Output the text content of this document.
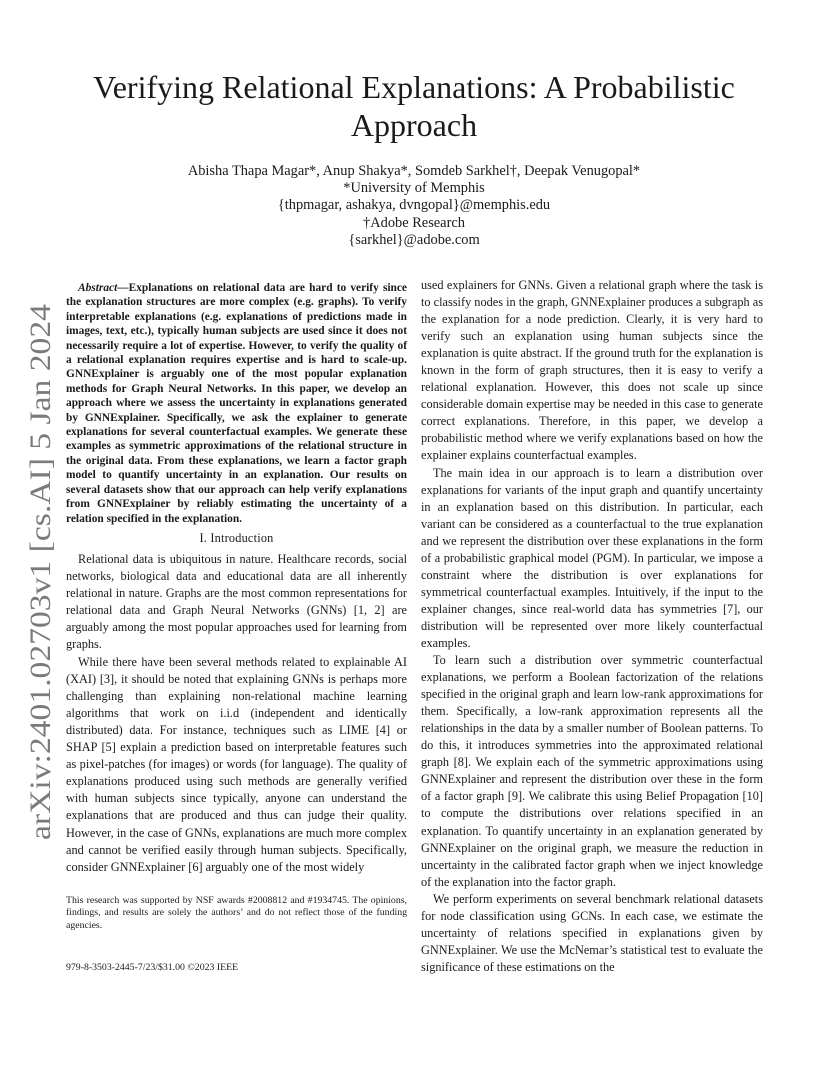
arXiv:2401.02703v1 [cs.AI] 5 Jan 2024
Verifying Relational Explanations: A Probabilistic Approach
Abisha Thapa Magar*, Anup Shakya*, Somdeb Sarkhel†, Deepak Venugopal*
*University of Memphis
{thpmagar, ashakya, dvngopal}@memphis.edu
†Adobe Research
{sarkhel}@adobe.com

Abstract—Explanations on relational data are hard to verify since the explanation structures are more complex (e.g. graphs). To verify interpretable explanations (e.g. explanations of predictions made in images, text, etc.), typically human subjects are used since it does not necessarily require a lot of expertise. However, to verify the quality of a relational explanation requires expertise and is hard to scale-up. GNNExplainer is arguably one of the most popular explanation methods for Graph Neural Networks. In this paper, we develop an approach where we assess the uncertainty in explanations generated by GNNExplainer. Specifically, we ask the explainer to generate explanations for several counterfactual examples. We generate these examples as symmetric approximations of the relational structure in the original data. From these explanations, we learn a factor graph model to quantify uncertainty in an explanation. Our results on several datasets show that our approach can help verify explanations from GNNExplainer by reliably estimating the uncertainty of a relation specified in the explanation.

I. Introduction

Relational data is ubiquitous in nature. Healthcare records, social networks, biological data and educational data are all inherently relational in nature. Graphs are the most common representations for relational data and Graph Neural Networks (GNNs) [1, 2] are arguably among the most popular approaches used for learning from graphs.

While there have been several methods related to explainable AI (XAI) [3], it should be noted that explaining GNNs is perhaps more challenging than explaining non-relational machine learning algorithms that work on i.i.d (independent and identically distributed) data. For instance, techniques such as LIME [4] or SHAP [5] explain a prediction based on interpretable features such as pixel-patches (for images) or words (for language). The quality of explanations produced using such methods are generally verified with human subjects since typically, anyone can understand the explanations that are produced and thus can judge their quality. However, in the case of GNNs, explanations are much more complex and cannot be verified easily through human subjects. Specifically, consider GNNExplainer [6] arguably one of the most widely

used explainers for GNNs. Given a relational graph where the task is to classify nodes in the graph, GNNExplainer produces a subgraph as the explanation for a node prediction. Clearly, it is very hard to verify such an explanation using human subjects since the explanation is quite abstract. If the ground truth for the explanation is known in the form of graph structures, then it is easy to verify a relational explanation. However, this does not scale up since considerable domain expertise may be needed in this case to generate correct explanations. Therefore, in this paper, we develop a probabilistic method where we verify explanations based on how the explainer explains counterfactual examples.

The main idea in our approach is to learn a distribution over explanations for variants of the input graph and quantify uncertainty in an explanation based on this distribution. In particular, each variant can be considered as a counterfactual to the true explanation and we represent the distribution over these explanations in the form of a probabilistic graphical model (PGM). In particular, we impose a constraint where the distribution is over explanations for symmetrical counterfactual examples. Intuitively, if the input to the explainer changes, since real-world data has symmetries [7], our distribution will be represented over more likely counterfactual examples.

To learn such a distribution over symmetric counterfactual explanations, we perform a Boolean factorization of the relations specified in the original graph and learn low-rank approximations for them. Specifically, a low-rank approximation represents all the relationships in the data by a smaller number of Boolean patterns. To do this, it introduces symmetries into the approximated relational graph [8]. We explain each of the symmetric approximations using GNNExplainer and represent the distribution over these in the form of a factor graph [9]. We calibrate this using Belief Propagation [10] to compute the distributions over relations specified in an explanation. To quantify uncertainty in an explanation generated by GNNExplainer on the original graph, we measure the reduction in uncertainty in the calibrated factor graph when we inject knowledge of the explanation into the factor graph.

We perform experiments on several benchmark relational datasets for node classification using GCNs. In each case, we estimate the uncertainty of relations specified in explanations given by GNNExplainer. We use the McNemar’s statistical test to evaluate the significance of these estimations on the

This research was supported by NSF awards #2008812 and #1934745. The opinions, findings, and results are solely the authors’ and do not reflect those of the funding agencies.
979-8-3503-2445-7/23/$31.00 ©2023 IEEE
